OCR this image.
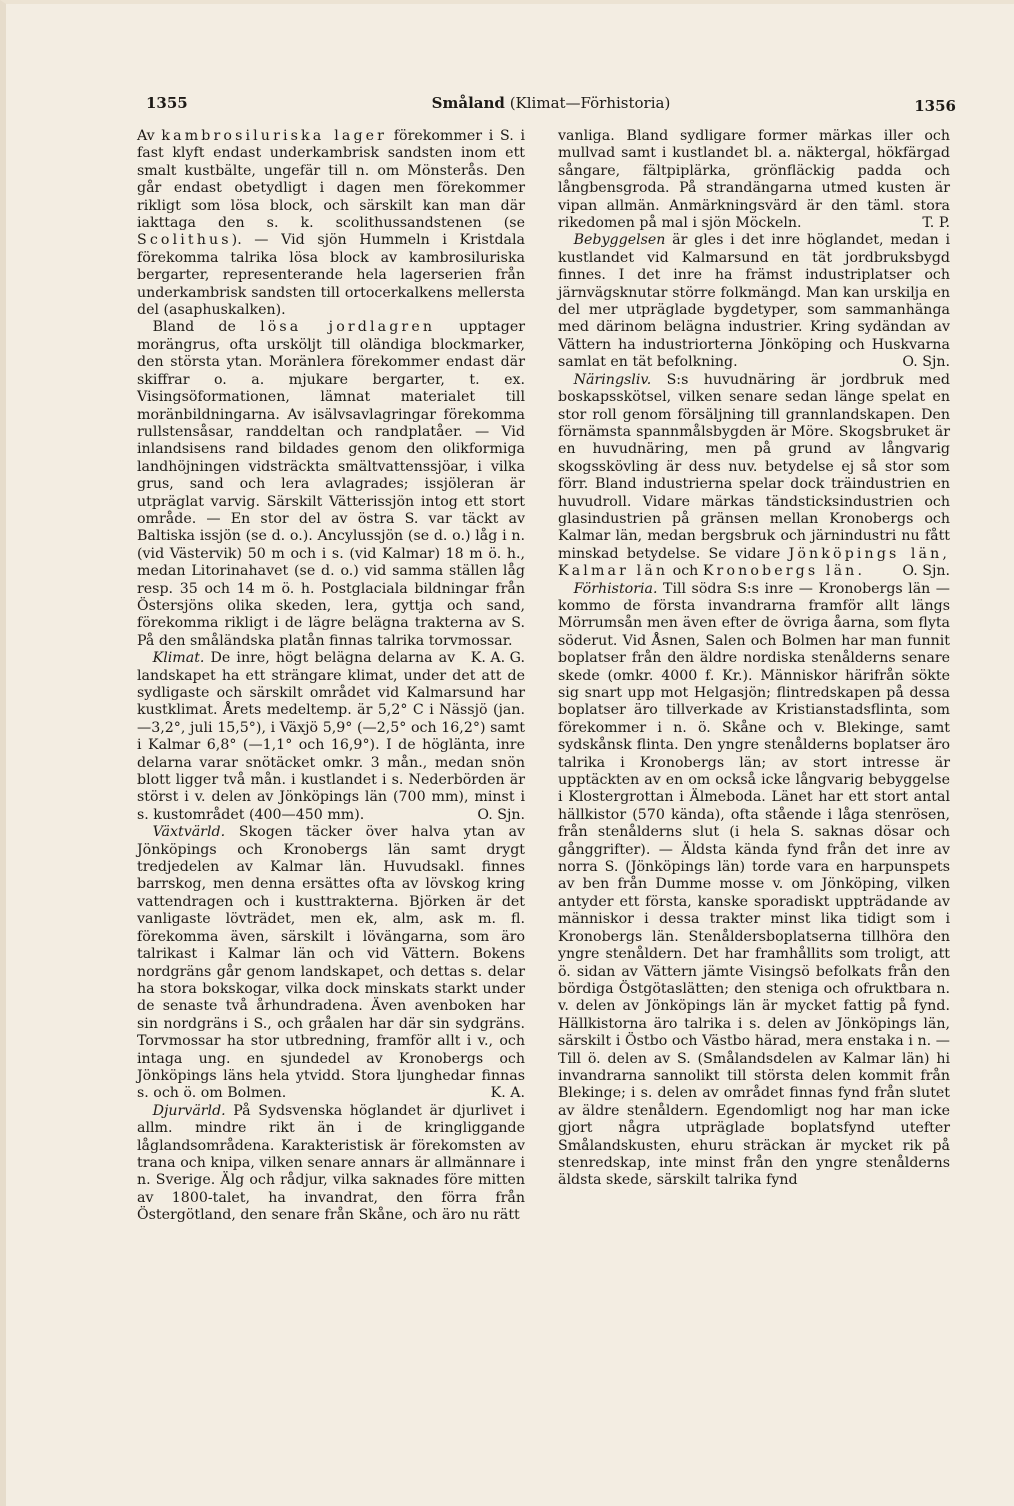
1355	Småland (Klimat—Förhistoria)	1356

Av kambrosiluriska lager förekommer i S. i fast klyft endast underkambrisk sandsten inom ett smalt kustbälte, ungefär till n. om Mönsterås. Den går endast obetydligt i dagen men förekommer rikligt som lösa block, och särskilt kan man där iakttaga den s. k. scolithussandstenen (se Scolithus). — Vid sjön Hummeln i Kristdala förekomma talrika lösa block av kambrosiluriska bergarter, representerande hela lagerserien från underkambrisk sandsten till ortocerkalkens mellersta del (asaphuskalken).

Bland de lösa jordlagren upptager morängrus, ofta ursköljt till oländiga blockmarker, den största ytan. Moränlera förekommer endast där skiffrar o. a. mjukare bergarter, t. ex. Visingsöformationen, lämnat materialet till moränbildningarna. Av isälvsavlagringar förekomma rullstensåsar, randdeltan och randplatåer. — Vid inlandsisens rand bildades genom den olikformiga landhöjningen vidsträckta smältvattenssjöar, i vilka grus, sand och lera avlagrades; issjöleran är utpräglat varvig. Särskilt Vätterissjön intog ett stort område. — En stor del av östra S. var täckt av Baltiska issjön (se d. o.). Ancylussjön (se d. o.) låg i n. (vid Västervik) 50 m och i s. (vid Kalmar) 18 m ö. h., medan Litorinahavet (se d. o.) vid samma ställen låg resp. 35 och 14 m ö. h. Postglaciala bildningar från Östersjöns olika skeden, lera, gyttja och sand, förekomma rikligt i de lägre belägna trakterna av S. På den småländska platån finnas talrika torvmossar.
K. A. G.

Klimat. De inre, högt belägna delarna av landskapet ha ett strängare klimat, under det att de sydligaste och särskilt området vid Kalmarsund har kustklimat. Årets medeltemp. är 5,2° C i Nässjö (jan. —3,2°, juli 15,5°), i Växjö 5,9° (—2,5° och 16,2°) samt i Kalmar 6,8° (—1,1° och 16,9°). I de höglänta, inre delarna varar snötäcket omkr. 3 mån., medan snön blott ligger två mån. i kustlandet i s. Nederbörden är störst i v. delen av Jönköpings län (700 mm), minst i s. kustområdet (400—450 mm).	O. Sjn.

Växtvärld. Skogen täcker över halva ytan av Jönköpings och Kronobergs län samt drygt tredjedelen av Kalmar län. Huvudsakl. finnes barrskog, men denna ersättes ofta av lövskog kring vattendragen och i kusttrakterna. Björken är det vanligaste lövträdet, men ek, alm, ask m. fl. förekomma även, särskilt i lövängarna, som äro talrikast i Kalmar län och vid Vättern. Bokens nordgräns går genom landskapet, och dettas s. delar ha stora bokskogar, vilka dock minskats starkt under de senaste två århundradena. Även avenboken har sin nordgräns i S., och gråalen har där sin sydgräns. Torvmossar ha stor utbredning, framför allt i v., och intaga ung. en sjundedel av Kronobergs och Jönköpings läns hela ytvidd. Stora ljunghedar finnas s. och ö. om Bolmen.	K. A.

Djurvärld. På Sydsvenska höglandet är djurlivet i allm. mindre rikt än i de kringliggande låglandsområdena. Karakteristisk är förekomsten av trana och knipa, vilken senare annars är allmännare i n. Sverige. Älg och rådjur, vilka saknades före mitten av 1800-talet, ha invandrat, den förra från Östergötland, den senare från Skåne, och äro nu rätt

vanliga. Bland sydligare former märkas iller och mullvad samt i kustlandet bl. a. näktergal, hökfärgad sångare, fältpiplärka, grönfläckig padda och långbensgroda. På strandängarna utmed kusten är vipan allmän. Anmärkningsvärd är den täml. stora rikedomen på mal i sjön Möckeln.	T. P.

Bebyggelsen är gles i det inre höglandet, medan i kustlandet vid Kalmarsund en tät jordbruksbygd finnes. I det inre ha främst industriplatser och järnvägsknutar större folkmängd. Man kan urskilja en del mer utpräglade bygdetyper, som sammanhänga med därinom belägna industrier. Kring sydändan av Vättern ha industriorterna Jönköping och Huskvarna samlat en tät befolkning.	O. Sjn.

Näringsliv. S:s huvudnäring är jordbruk med boskapsskötsel, vilken senare sedan länge spelat en stor roll genom försäljning till grannlandskapen. Den förnämsta spannmålsbygden är Möre. Skogsbruket är en huvudnäring, men på grund av långvarig skogsskövling är dess nuv. betydelse ej så stor som förr. Bland industrierna spelar dock träindustrien en huvudroll. Vidare märkas tändsticksindustrien och glasindustrien på gränsen mellan Kronobergs och Kalmar län, medan bergsbruk och järnindustri nu fått minskad betydelse. Se vidare Jönköpings län, Kalmar län och Kronobergs län.	O. Sjn.

Förhistoria. Till södra S:s inre — Kronobergs län — kommo de första invandrarna framför allt längs Mörrumsån men även efter de övriga åarna, som flyta söderut. Vid Åsnen, Salen och Bolmen har man funnit boplatser från den äldre nordiska stenålderns senare skede (omkr. 4000 f. Kr.). Människor härifrån sökte sig snart upp mot Helgasjön; flintredskapen på dessa boplatser äro tillverkade av Kristianstadsflinta, som förekommer i n. ö. Skåne och v. Blekinge, samt sydskånsk flinta. Den yngre stenålderns boplatser äro talrika i Kronobergs län; av stort intresse är upptäckten av en om också icke långvarig bebyggelse i Klostergrottan i Älmeboda. Länet har ett stort antal hällkistor (570 kända), ofta stående i låga stenrösen, från stenålderns slut (i hela S. saknas dösar och gånggrifter). — Äldsta kända fynd från det inre av norra S. (Jönköpings län) torde vara en harpunspets av ben från Dumme mosse v. om Jönköping, vilken antyder ett första, kanske sporadiskt uppträdande av människor i dessa trakter minst lika tidigt som i Kronobergs län. Stenåldersboplatserna tillhöra den yngre stenåldern. Det har framhållits som troligt, att ö. sidan av Vättern jämte Visingsö befolkats från den bördiga Östgötaslätten; den steniga och ofruktbara n. v. delen av Jönköpings län är mycket fattig på fynd. Hällkistorna äro talrika i s. delen av Jönköpings län, särskilt i Östbo och Västbo härad, mera enstaka i n. — Till ö. delen av S. (Smålandsdelen av Kalmar län) hi invandrarna sannolikt till största delen kommit från Blekinge; i s. delen av området finnas fynd från slutet av äldre stenåldern. Egendomligt nog har man icke gjort några utpräglade boplatsfynd utefter Smålandskusten, ehuru sträckan är mycket rik på stenredskap, inte minst från den yngre stenålderns äldsta skede, särskilt talrika fynd
